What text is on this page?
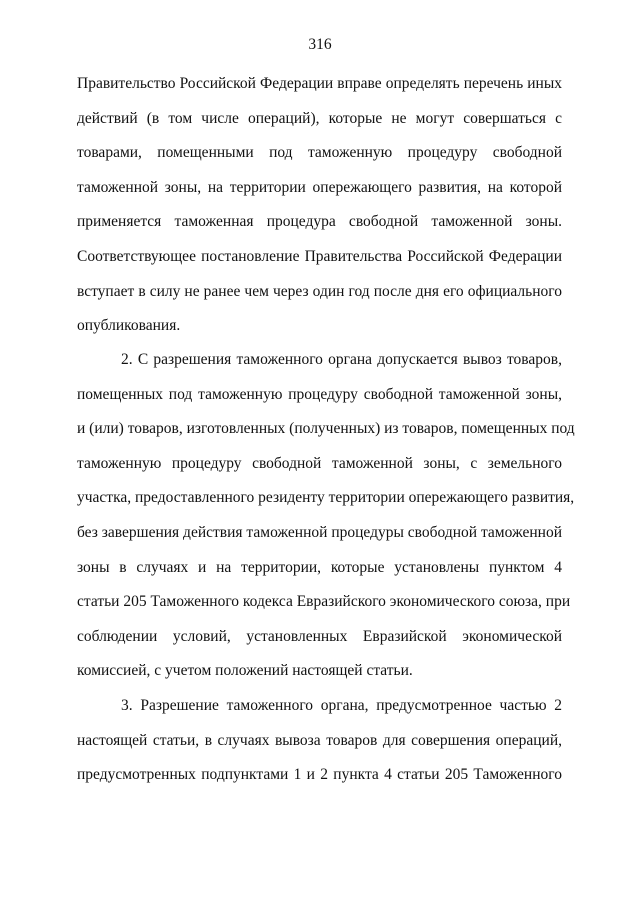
316
Правительство Российской Федерации вправе определять перечень иных
действий (в том числе операций), которые не могут совершаться с
товарами, помещенными под таможенную процедуру свободной
таможенной зоны, на территории опережающего развития, на которой
применяется таможенная процедура свободной таможенной зоны.
Соответствующее постановление Правительства Российской Федерации
вступает в силу не ранее чем через один год после дня его официального
опубликования.
2. С разрешения таможенного органа допускается вывоз товаров,
помещенных под таможенную процедуру свободной таможенной зоны,
и (или) товаров, изготовленных (полученных) из товаров, помещенных под
таможенную процедуру свободной таможенной зоны, с земельного
участка, предоставленного резиденту территории опережающего развития,
без завершения действия таможенной процедуры свободной таможенной
зоны в случаях и на территории, которые установлены пунктом 4
статьи 205 Таможенного кодекса Евразийского экономического союза, при
соблюдении условий, установленных Евразийской экономической
комиссией, с учетом положений настоящей статьи.
3. Разрешение таможенного органа, предусмотренное частью 2
настоящей статьи, в случаях вывоза товаров для совершения операций,
предусмотренных подпунктами 1 и 2 пункта 4 статьи 205 Таможенного
